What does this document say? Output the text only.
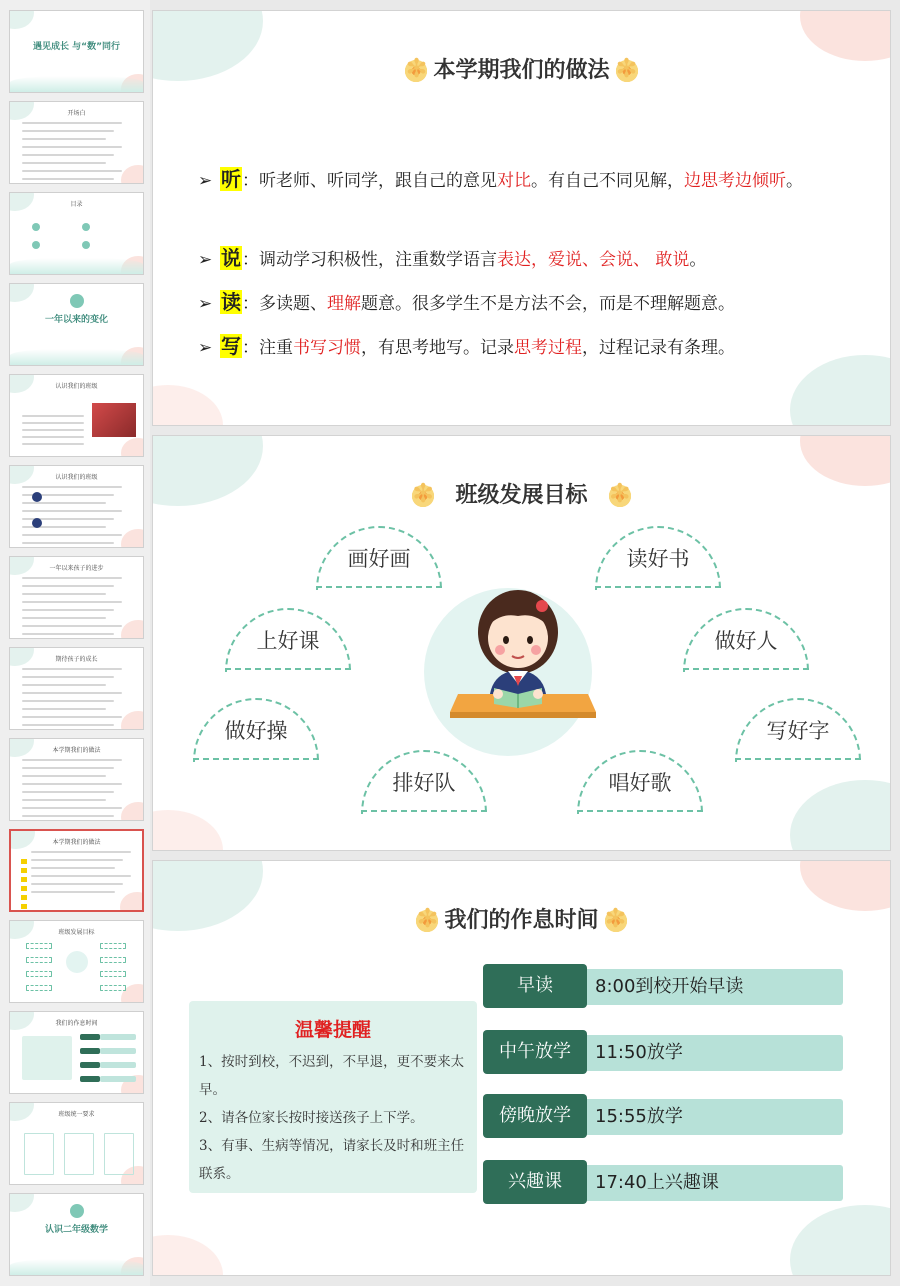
遇见成长 与“数”同行
开场白
目录
一年以来的变化
认识我们的班级
认识我们的班级
一年以来孩子的进步
期待孩子的成长
本学期我们的做法
本学期我们的做法
班级发展目标
我们的作息时间
班级统一要求
认识二年级数学
✻本学期我们的做法✻
➢ 听：听老师、听同学，跟自己的意见对比。有自己不同见解，边思考边倾听。
➢ 说：调动学习积极性，注重数学语言表达，爱说、会说、 敢说。
➢ 读：多读题、理解题意。很多学生不是方法不会，而是不理解题意。
➢ 写：注重书写习惯，有思考地写。记录思考过程，过程记录有条理。
✻  班级发展目标  ✻
画好画	读好书
上好课	做好人
做好操	写好字
排好队	唱好歌
✻我们的作息时间✻
温馨提醒

1、按时到校，不迟到，不早退，更不要来太早。

2、请各位家长按时接送孩子上下学。

3、有事、生病等情况，请家长及时和班主任联系。

早读	8:00到校开始早读
中午放学	11:50放学
傍晚放学	15:55放学
兴趣课	17:40上兴趣课
